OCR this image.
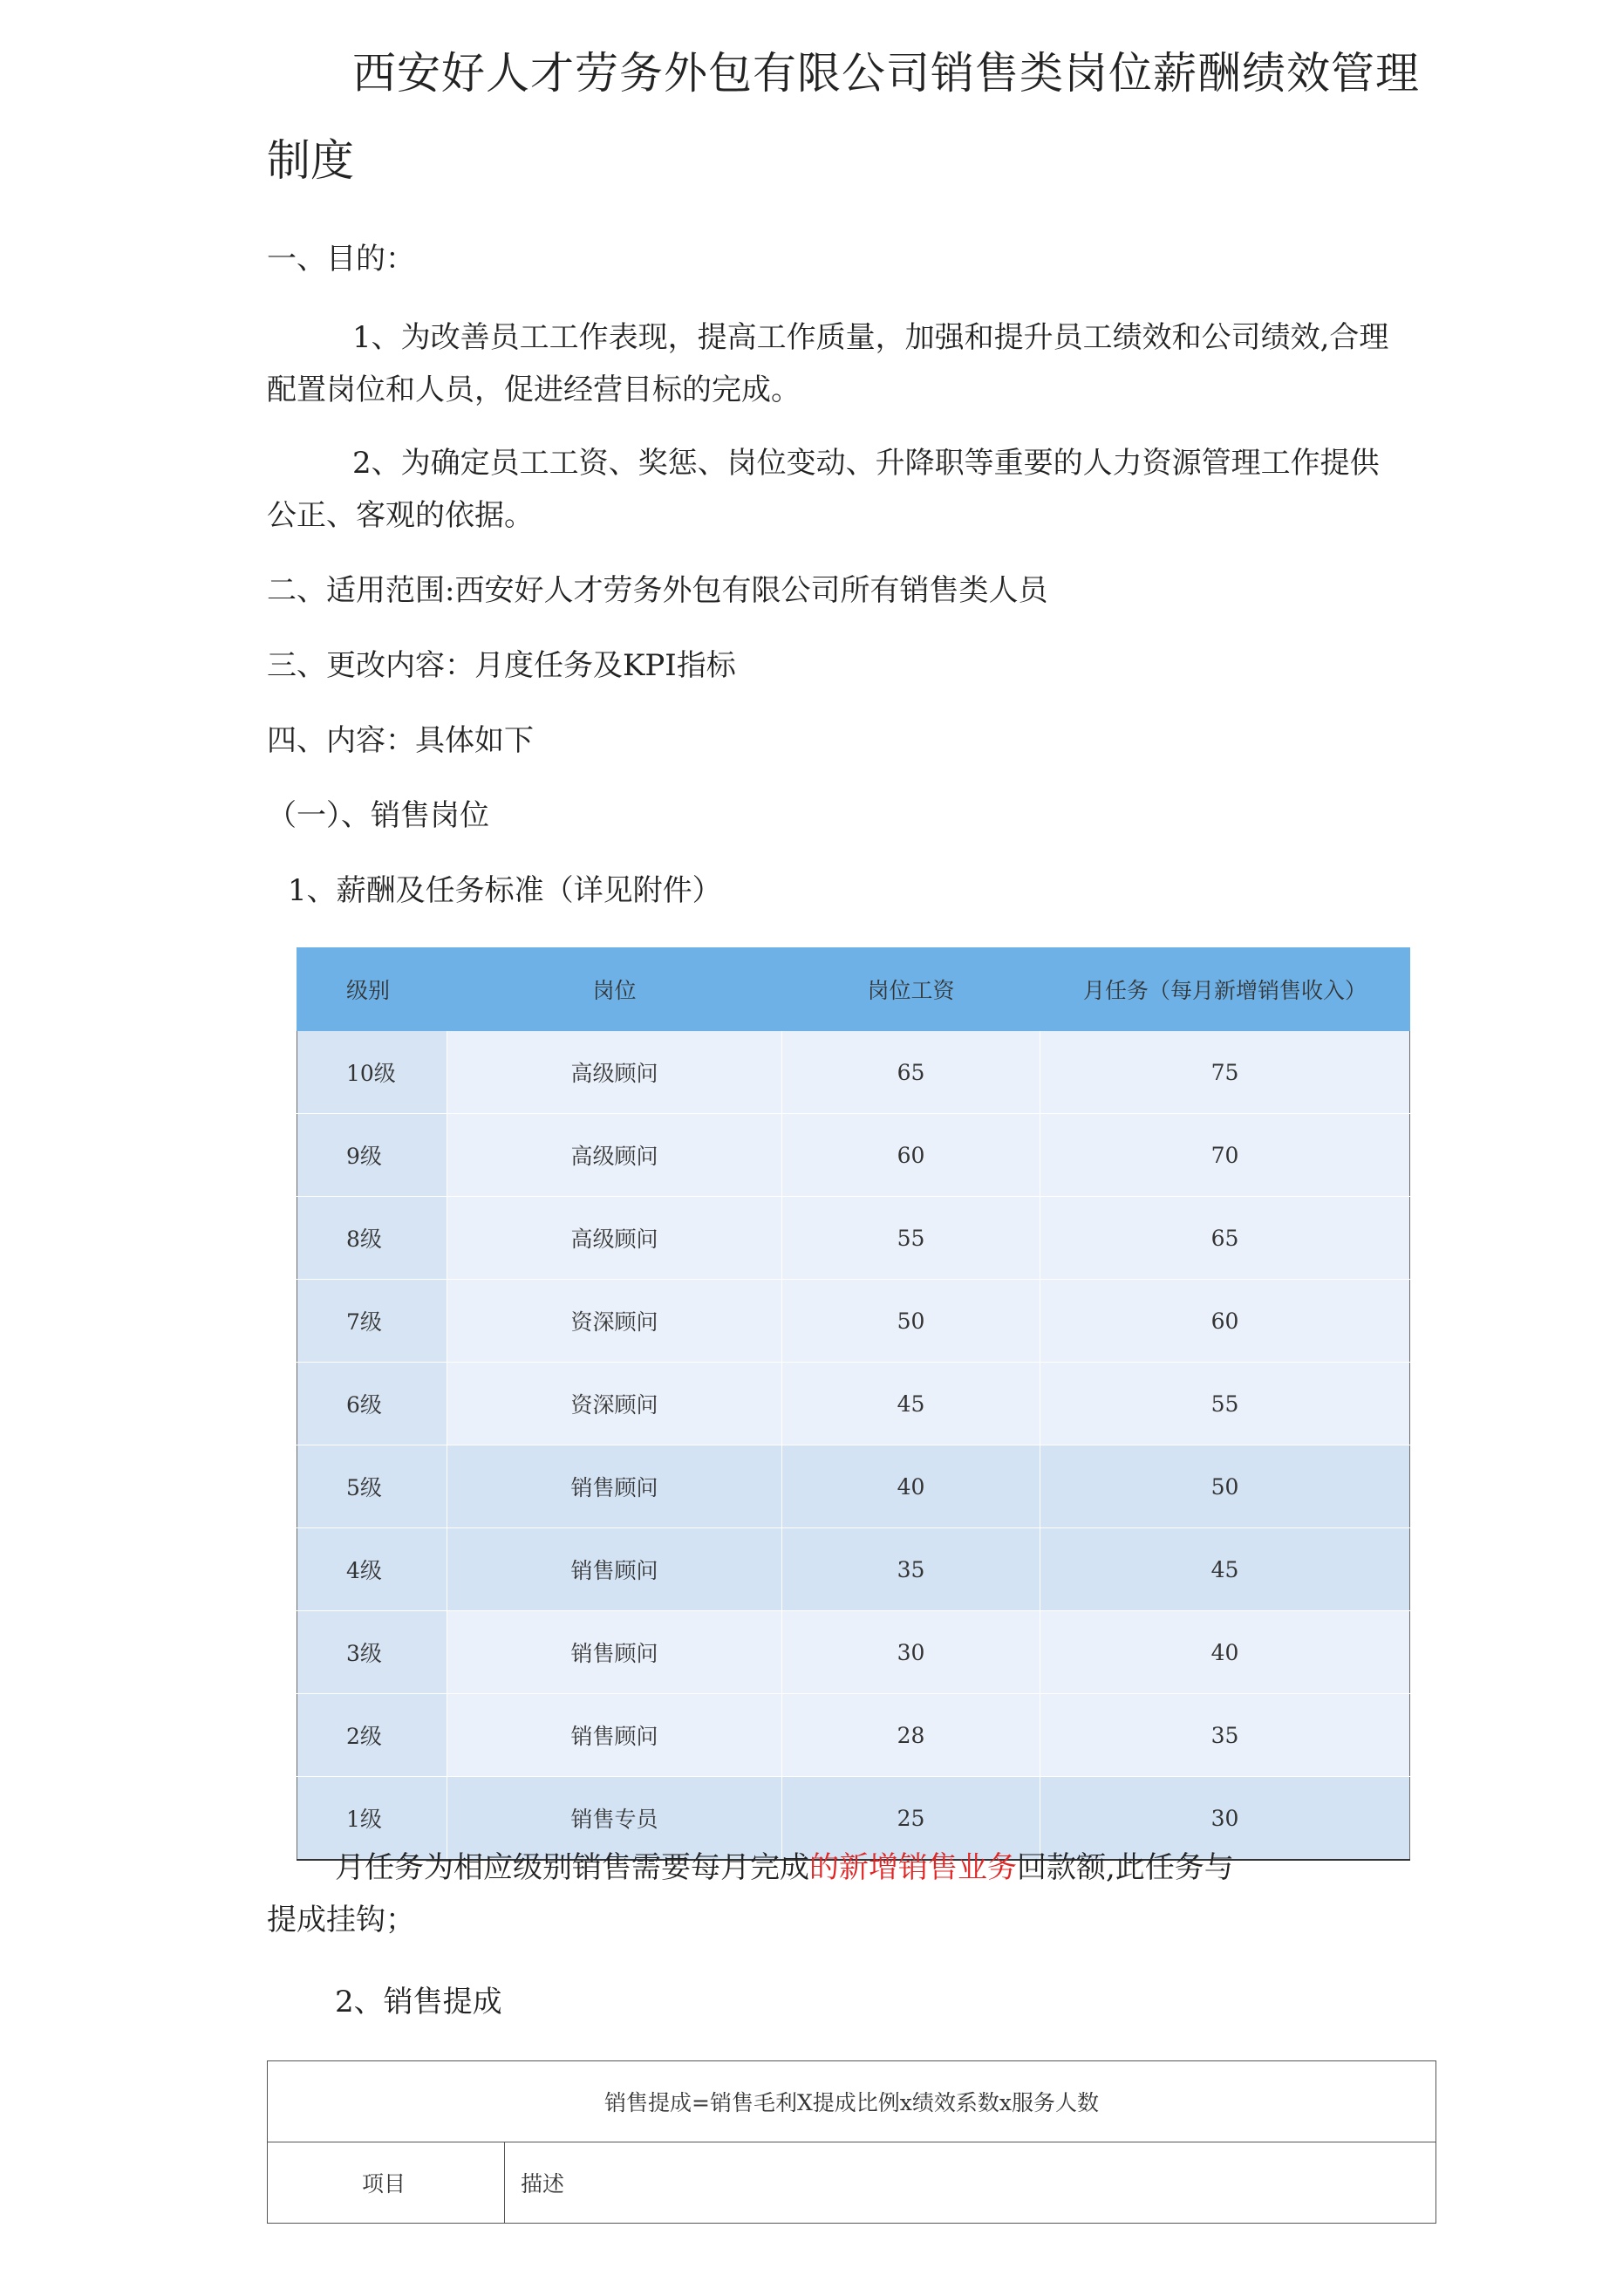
西安好人才劳务外包有限公司销售类岗位薪酬绩效管理
制度
一、目的：
1、为改善员工工作表现，提高工作质量，加强和提升员工绩效和公司绩效,合理
配置岗位和人员，促进经营目标的完成。
2、为确定员工工资、奖惩、岗位变动、升降职等重要的人力资源管理工作提供
公正、客观的依据。
二、适用范围:西安好人才劳务外包有限公司所有销售类人员
三、更改内容：月度任务及KPI指标
四、内容：具体如下
（一）、销售岗位
1、薪酬及任务标准（详见附件）
级别	岗位	岗位工资	月任务（每月新增销售收入）
10级	高级顾问	65	75
9级	高级顾问	60	70
8级	高级顾问	55	65
7级	资深顾问	50	60
6级	资深顾问	45	55
5级	销售顾问	40	50
4级	销售顾问	35	45
3级	销售顾问	30	40
2级	销售顾问	28	35
1级	销售专员	25	30
月任务为相应级别销售需要每月完成的新增销售业务回款额,此任务与
提成挂钩；
2、销售提成
销售提成=销售毛利X提成比例x绩效系数x服务人数
项目	描述
